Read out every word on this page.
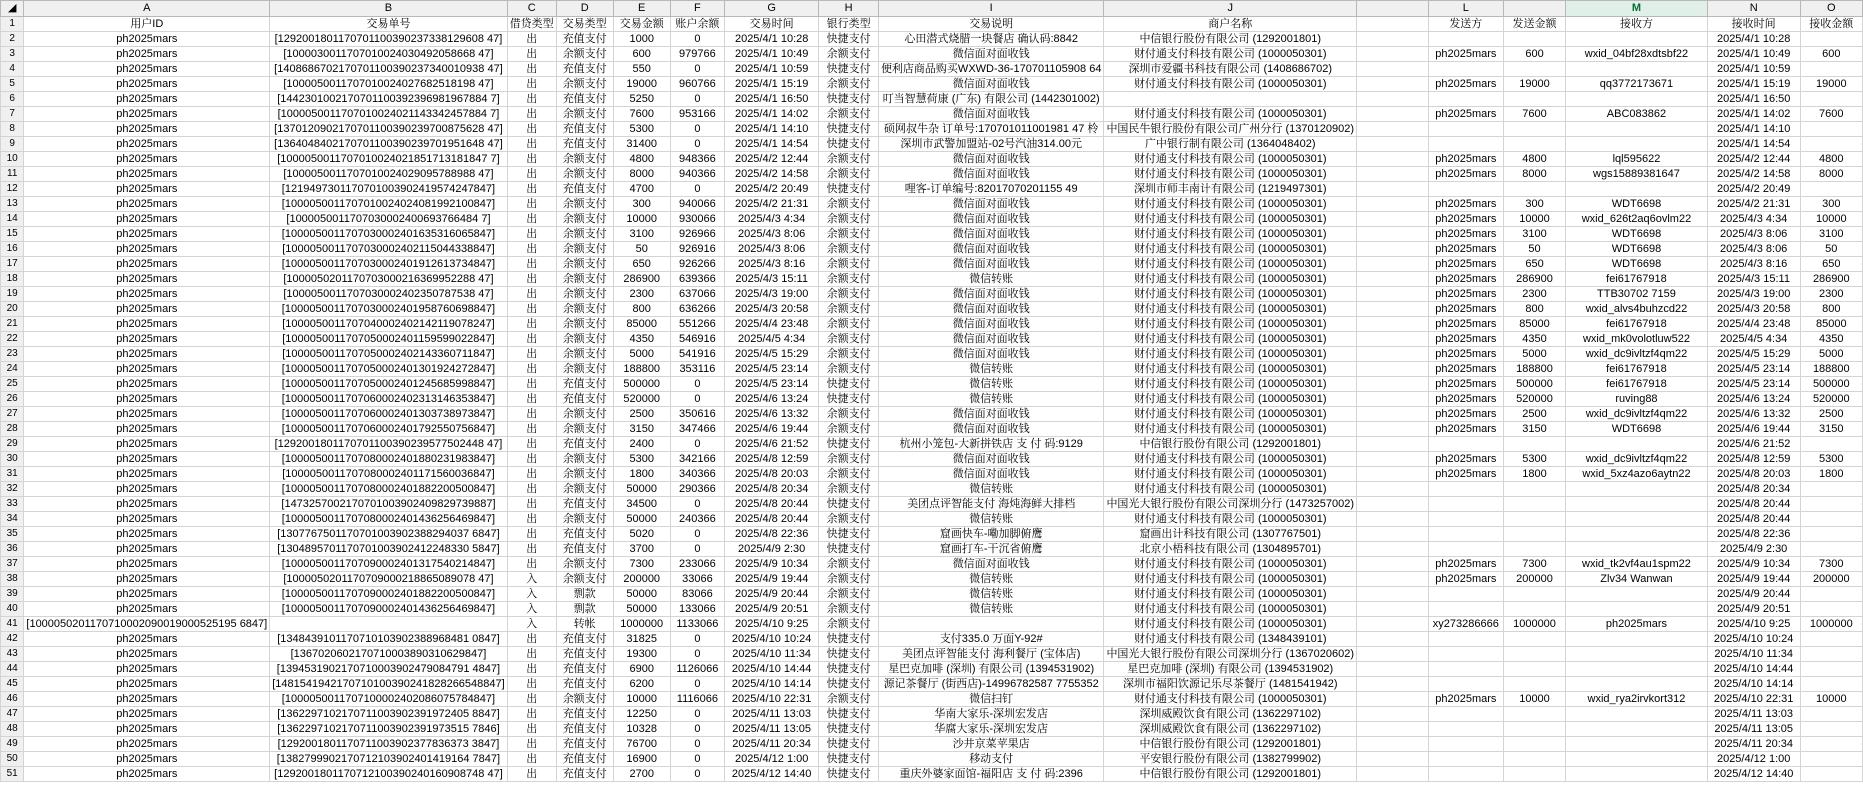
◢	A	B	C	D	E	F	G	H	I	J		L		M	N	O
1	用户ID	交易单号	借贷类型	交易类型	交易金额	账户余额	交易时间	银行类型	交易说明	商户名称		发送方	发送金额	接收方	接收时间	接收金额
2	ph2025mars	[1292001801170701100390237338129608 47]	出	充值支付	1000	0	2025/4/1 10:28	快捷支付	心田潜式烧腊一块餐店 确认码:8842	中信银行股份有限公司 (1292001801)					2025/4/1 10:28	
3	ph2025mars	[1000030011707010024030492058668 47]	出	余额支付	600	979766	2025/4/1 10:49	余额支付	微信面对面收钱	财付通支付科技有限公司 (1000050301)		ph2025mars	600	wxid_04bf28xdtsbf22	2025/4/1 10:49	600
4	ph2025mars	[1408686702170701100390237340010938 47]	出	充值支付	550	0	2025/4/1 10:59	快捷支付	便利店商品购买WXWD-36-170701105908 64	深圳市爱疆书科技有限公司 (1408686702)					2025/4/1 10:59	
5	ph2025mars	[1000050011707010024027682518198 47]	出	余额支付	19000	960766	2025/4/1 15:19	余额支付	微信面对面收钱	财付通支付科技有限公司 (1000050301)		ph2025mars	19000	qq3772173671	2025/4/1 15:19	19000
6	ph2025mars	[1442301002170701100392396981967884 7]	出	充值支付	5250	0	2025/4/1 16:50	快捷支付	叮当智慧荷康 (广东) 有限公司 (1442301002)						2025/4/1 16:50	
7	ph2025mars	[1000050011707010024021143342457884 7]	出	余额支付	7600	953166	2025/4/1 14:02	余额支付	微信面对面收钱	财付通支付科技有限公司 (1000050301)		ph2025mars	7600	ABC083862	2025/4/1 14:02	7600
8	ph2025mars	[1370120902170701100390239700875628 47]	出	充值支付	5300	0	2025/4/1 14:10	快捷支付	硕网叔牛杂 订单号:170701011001981 47 柃	中国民牛银行股份有限公司广州分行 (1370120902)					2025/4/1 14:10	
9	ph2025mars	[1364048402170701100390239701951648 47]	出	充值支付	31400	0	2025/4/1 14:54	快捷支付	深圳市武警加盟站-02号汽油314.00元	广中银行制有限公司 (1364048402)					2025/4/1 14:54	
10	ph2025mars	[1000050011707010024021851713181847 7]	出	余额支付	4800	948366	2025/4/2 12:44	余额支付	微信面对面收钱	财付通支付科技有限公司 (1000050301)		ph2025mars	4800	lql595622	2025/4/2 12:44	4800
11	ph2025mars	[1000050011707010024029095788988 47]	出	余额支付	8000	940366	2025/4/2 14:58	余额支付	微信面对面收钱	财付通支付科技有限公司 (1000050301)		ph2025mars	8000	wgs15889381647	2025/4/2 14:58	8000
12	ph2025mars	[1219497301170701003902419574247847]	出	充值支付	4700	0	2025/4/2 20:49	快捷支付	哩客-订单编号:82017070201155 49	深圳市师丰南计有限公司 (1219497301)					2025/4/2 20:49	
13	ph2025mars	[1000050011707010024024081992100847]	出	余额支付	300	940066	2025/4/2 21:31	余额支付	微信面对面收钱	财付通支付科技有限公司 (1000050301)		ph2025mars	300	WDT6698	2025/4/2 21:31	300
14	ph2025mars	[1000050011707030002400693766484 7]	出	余额支付	10000	930066	2025/4/3 4:34	余额支付	微信面对面收钱	财付通支付科技有限公司 (1000050301)		ph2025mars	10000	wxid_626t2aq6ovlm22	2025/4/3 4:34	10000
15	ph2025mars	[1000050011707030002401635316065847]	出	余额支付	3100	926966	2025/4/3 8:06	余额支付	微信面对面收钱	财付通支付科技有限公司 (1000050301)		ph2025mars	3100	WDT6698	2025/4/3 8:06	3100
16	ph2025mars	[1000050011707030002402115044338847]	出	余额支付	50	926916	2025/4/3 8:06	余额支付	微信面对面收钱	财付通支付科技有限公司 (1000050301)		ph2025mars	50	WDT6698	2025/4/3 8:06	50
17	ph2025mars	[1000050011707030002401912613734847]	出	余额支付	650	926266	2025/4/3 8:16	余额支付	微信面对面收钱	财付通支付科技有限公司 (1000050301)		ph2025mars	650	WDT6698	2025/4/3 8:16	650
18	ph2025mars	[1000050201170703000216369952288 47]	出	余额支付	286900	639366	2025/4/3 15:11	余额支付	微信转账	财付通支付科技有限公司 (1000050301)		ph2025mars	286900	fei61767918	2025/4/3 15:11	286900
19	ph2025mars	[1000050011707030002402350787538 47]	出	余额支付	2300	637066	2025/4/3 19:00	余额支付	微信面对面收钱	财付通支付科技有限公司 (1000050301)		ph2025mars	2300	TTB30702 7159	2025/4/3 19:00	2300
20	ph2025mars	[1000050011707030002401958760698847]	出	余额支付	800	636266	2025/4/3 20:58	余额支付	微信面对面收钱	财付通支付科技有限公司 (1000050301)		ph2025mars	800	wxid_alvs4buhzcd22	2025/4/3 20:58	800
21	ph2025mars	[1000050011707040002402142119078247]	出	余额支付	85000	551266	2025/4/4 23:48	余额支付	微信面对面收钱	财付通支付科技有限公司 (1000050301)		ph2025mars	85000	fei61767918	2025/4/4 23:48	85000
22	ph2025mars	[1000050011707050002401159599022847]	出	余额支付	4350	546916	2025/4/5 4:34	余额支付	微信面对面收钱	财付通支付科技有限公司 (1000050301)		ph2025mars	4350	wxid_mk0volotluw522	2025/4/5 4:34	4350
23	ph2025mars	[1000050011707050002402143360711847]	出	余额支付	5000	541916	2025/4/5 15:29	余额支付	微信面对面收钱	财付通支付科技有限公司 (1000050301)		ph2025mars	5000	wxid_dc9ivltzf4qm22	2025/4/5 15:29	5000
24	ph2025mars	[1000050011707050002401301924272847]	出	余额支付	188800	353116	2025/4/5 23:14	余额支付	微信转账	财付通支付科技有限公司 (1000050301)		ph2025mars	188800	fei61767918	2025/4/5 23:14	188800
25	ph2025mars	[1000050011707050002401245685998847]	出	充值支付	500000	0	2025/4/5 23:14	快捷支付	微信转账	财付通支付科技有限公司 (1000050301)		ph2025mars	500000	fei61767918	2025/4/5 23:14	500000
26	ph2025mars	[1000050011707060002402313146353847]	出	充值支付	520000	0	2025/4/6 13:24	快捷支付	微信转账	财付通支付科技有限公司 (1000050301)		ph2025mars	520000	ruving88	2025/4/6 13:24	520000
27	ph2025mars	[1000050011707060002401303738973847]	出	余额支付	2500	350616	2025/4/6 13:32	余额支付	微信面对面收钱	财付通支付科技有限公司 (1000050301)		ph2025mars	2500	wxid_dc9ivltzf4qm22	2025/4/6 13:32	2500
28	ph2025mars	[1000050011707060002401792550756847]	出	余额支付	3150	347466	2025/4/6 19:44	余额支付	微信面对面收钱	财付通支付科技有限公司 (1000050301)		ph2025mars	3150	WDT6698	2025/4/6 19:44	3150
29	ph2025mars	[1292001801170701100390239577502448 47]	出	充值支付	2400	0	2025/4/6 21:52	快捷支付	杭州小笼包-大新拼铁店 支 付 码:9129	中信银行股份有限公司 (1292001801)					2025/4/6 21:52	
30	ph2025mars	[1000050011707080002401880231983847]	出	余额支付	5300	342166	2025/4/8 12:59	余额支付	微信面对面收钱	财付通支付科技有限公司 (1000050301)		ph2025mars	5300	wxid_dc9ivltzf4qm22	2025/4/8 12:59	5300
31	ph2025mars	[1000050011707080002401171560036847]	出	余额支付	1800	340366	2025/4/8 20:03	余额支付	微信面对面收钱	财付通支付科技有限公司 (1000050301)		ph2025mars	1800	wxid_5xz4azo6aytn22	2025/4/8 20:03	1800
32	ph2025mars	[1000050011707080002401882200500847]	出	余额支付	50000	290366	2025/4/8 20:34	余额支付	微信转账	财付通支付科技有限公司 (1000050301)					2025/4/8 20:34	
33	ph2025mars	[1473257002170701003902409829739887]	出	充值支付	34500	0	2025/4/8 20:44	快捷支付	美团点评智能支付 海炖海鲜大排档	中国光大银行股份有限公司深圳分行 (1473257002)					2025/4/8 20:44	
34	ph2025mars	[1000050011707080002401436256469847]	出	余额支付	50000	240366	2025/4/8 20:44	余额支付	微信转账	财付通支付科技有限公司 (1000050301)					2025/4/8 20:44	
35	ph2025mars	[1307767501170701003902388294037 6847]	出	充值支付	5020	0	2025/4/8 22:36	快捷支付	窟画快车-嘞加脚俯鹰	窟画出计科技有限公司 (1307767501)					2025/4/8 22:36	
36	ph2025mars	[1304895701170701003902412248330 5847]	出	充值支付	3700	0	2025/4/9 2:30	快捷支付	窟画打车-干沉省俯鹰	北京小梧科技有限公司 (1304895701)					2025/4/9 2:30	
37	ph2025mars	[1000050011707090002401317540214847]	出	余额支付	7300	233066	2025/4/9 10:34	余额支付	微信面对面收钱	财付通支付科技有限公司 (1000050301)		ph2025mars	7300	wxid_tk2vf4au1spm22	2025/4/9 10:34	7300
38	ph2025mars	[1000050201170709000218865089078 47]	入	余额支付	200000	33066	2025/4/9 19:44	余额支付	微信转账	财付通支付科技有限公司 (1000050301)		ph2025mars	200000	Zlv34 Wanwan	2025/4/9 19:44	200000
39	ph2025mars	[1000050011707090002401882200500847]	入	剽款	50000	83066	2025/4/9 20:44	余额支付	微信转账	财付通支付科技有限公司 (1000050301)					2025/4/9 20:44	
40	ph2025mars	[1000050011707090002401436256469847]	入	剽款	50000	133066	2025/4/9 20:51	余额支付	微信转账	财付通支付科技有限公司 (1000050301)					2025/4/9 20:51	
41	[1000050201170710002090019000525195 6847]		入	转帐	1000000	1133066	2025/4/10 9:25	余额支付		财付通支付科技有限公司 (1000050301)		xy273286666	1000000	ph2025mars	2025/4/10 9:25	1000000
42	ph2025mars	[1348439101170710103902388968481 0847]	出	充值支付	31825	0	2025/4/10 10:24	快捷支付	支付335.0 万面Y-92#	财付通支付科技有限公司 (1348439101)					2025/4/10 10:24	
43	ph2025mars	[1367020602170710003890310629847]	出	充值支付	19300	0	2025/4/10 11:34	快捷支付	美团点评智能支付 海利餐厅 (宝体店)	中国光大银行股份有限公司深圳分行 (1367020602)					2025/4/10 11:34	
44	ph2025mars	[1394531902170710003902479084791 4847]	出	充值支付	6900	1126066	2025/4/10 14:44	快捷支付	星巴克加啡 (深圳) 有限公司 (1394531902)	星巴克加啡 (深圳) 有限公司 (1394531902)					2025/4/10 14:44	
45	ph2025mars	[1481541942170710100390241828266548847]	出	充值支付	6200	0	2025/4/10 14:14	快捷支付	源记茶餐厅 (街西店)-14996782587 7755352	深圳市福阳饮源记乐尽茶餐厅 (1481541942)					2025/4/10 14:14	
46	ph2025mars	[1000050011707100002402086075784847]	出	余额支付	10000	1116066	2025/4/10 22:31	余额支付	微信扫钉	财付通支付科技有限公司 (1000050301)		ph2025mars	10000	wxid_rya2irvkort312	2025/4/10 22:31	10000
47	ph2025mars	[1362297102170711003902391972405 8847]	出	充值支付	12250	0	2025/4/11 13:03	快捷支付	华南大家乐-深圳宏发店	深圳威殿饮食有限公司 (1362297102)					2025/4/11 13:03	
48	ph2025mars	[1362297102170711003902391973515 7846]	出	充值支付	10328	0	2025/4/11 13:05	快捷支付	华腐大家乐-深圳宏发店	深圳威殿饮食有限公司 (1362297102)					2025/4/11 13:05	
49	ph2025mars	[1292001801170711003902377836373 3847]	出	充值支付	76700	0	2025/4/11 20:34	快捷支付	沙井京菜苹果店	中信银行股份有限公司 (1292001801)					2025/4/11 20:34	
50	ph2025mars	[1382799902170712103902401419164 7847]	出	充值支付	16900	0	2025/4/12 1:00	快捷支付	移动支付	平安银行股份有限公司 (1382799902)					2025/4/12 1:00	
51	ph2025mars	[1292001801170712100390240160908748 47]	出	充值支付	2700	0	2025/4/12 14:40	快捷支付	重庆外婆家面馆-福阳店 支 付 码:2396	中信银行股份有限公司 (1292001801)					2025/4/12 14:40	
